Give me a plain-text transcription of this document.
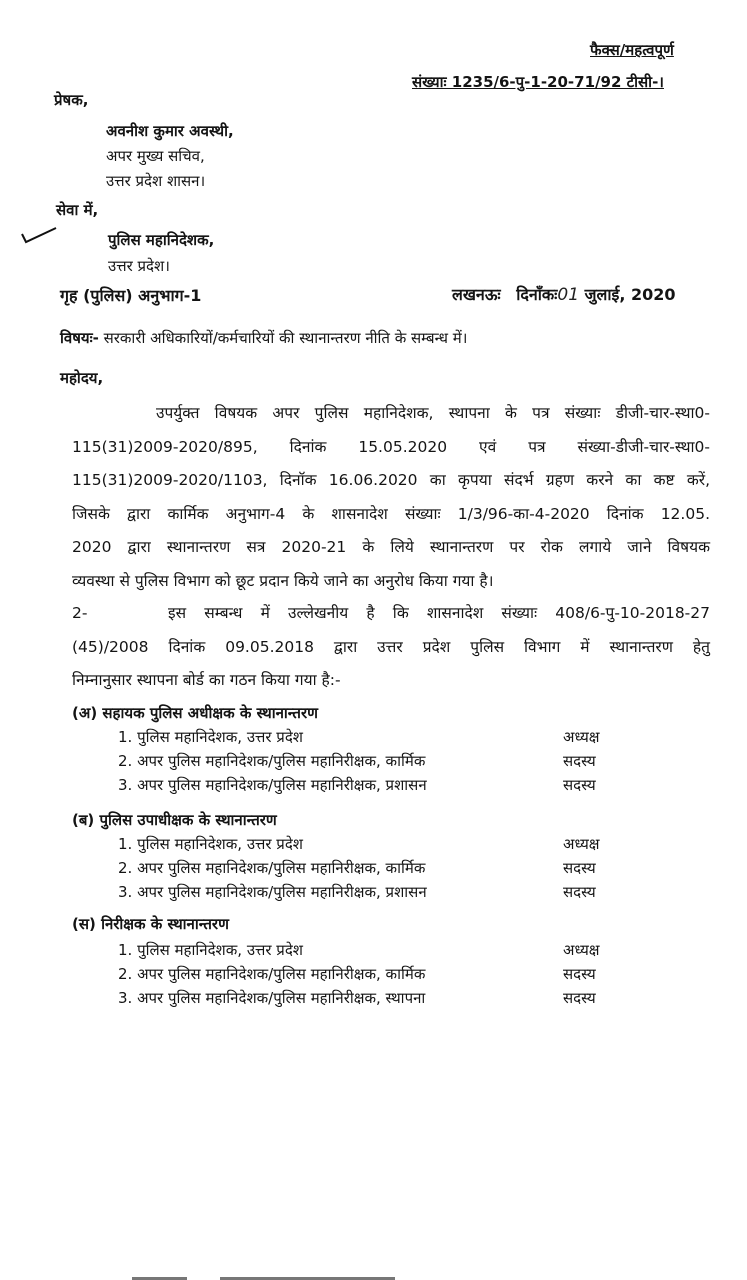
फैक्स/महत्वपूर्ण
संख्याः 1235/6-पु-1-20-71/92 टीसी-।
प्रेषक,
अवनीश कुमार अवस्थी,
अपर मुख्य सचिव,
उत्तर प्रदेश शासन।
सेवा में,
पुलिस महानिदेशक,
उत्तर प्रदेश।
गृह (पुलिस) अनुभाग-1	लखनऊः दिनाँकः01 जुलाई, 2020
विषयः- सरकारी अधिकारियों/कर्मचारियों की स्थानान्तरण नीति के सम्बन्ध में।
महोदय,
उपर्युक्त विषयक अपर पुलिस महानिदेशक, स्थापना के पत्र संख्याः डीजी-चार-स्था0-
115(31)2009-2020/895, दिनांक 15.05.2020 एवं पत्र संख्या-डीजी-चार-स्था0-
115(31)2009-2020/1103, दिनॉक 16.06.2020 का कृपया संदर्भ ग्रहण करने का कष्ट करें,
जिसके द्वारा कार्मिक अनुभाग-4 के शासनादेश संख्याः 1/3/96-का-4-2020 दिनांक 12.05.
2020 द्वारा स्थानान्तरण सत्र 2020-21 के लिये स्थानान्तरण पर रोक लगाये जाने विषयक
व्यवस्था से पुलिस विभाग को छूट प्रदान किये जाने का अनुरोध किया गया है।
2-	इस सम्बन्ध में उल्लेखनीय है कि शासनादेश संख्याः 408/6-पु-10-2018-27
(45)/2008 दिनांक 09.05.2018 द्वारा उत्तर प्रदेश पुलिस विभाग में स्थानान्तरण हेतु
निम्नानुसार स्थापना बोर्ड का गठन किया गया है:-
(अ) सहायक पुलिस अधीक्षक के स्थानान्तरण
1. पुलिस महानिदेशक, उत्तर प्रदेश	अध्यक्ष
2. अपर पुलिस महानिदेशक/पुलिस महानिरीक्षक, कार्मिक	सदस्य
3. अपर पुलिस महानिदेशक/पुलिस महानिरीक्षक, प्रशासन	सदस्य
(ब) पुलिस उपाधीक्षक के स्थानान्तरण
1. पुलिस महानिदेशक, उत्तर प्रदेश	अध्यक्ष
2. अपर पुलिस महानिदेशक/पुलिस महानिरीक्षक, कार्मिक	सदस्य
3. अपर पुलिस महानिदेशक/पुलिस महानिरीक्षक, प्रशासन	सदस्य
(स) निरीक्षक के स्थानान्तरण
1. पुलिस महानिदेशक, उत्तर प्रदेश	अध्यक्ष
2. अपर पुलिस महानिदेशक/पुलिस महानिरीक्षक, कार्मिक	सदस्य
3. अपर पुलिस महानिदेशक/पुलिस महानिरीक्षक, स्थापना	सदस्य
